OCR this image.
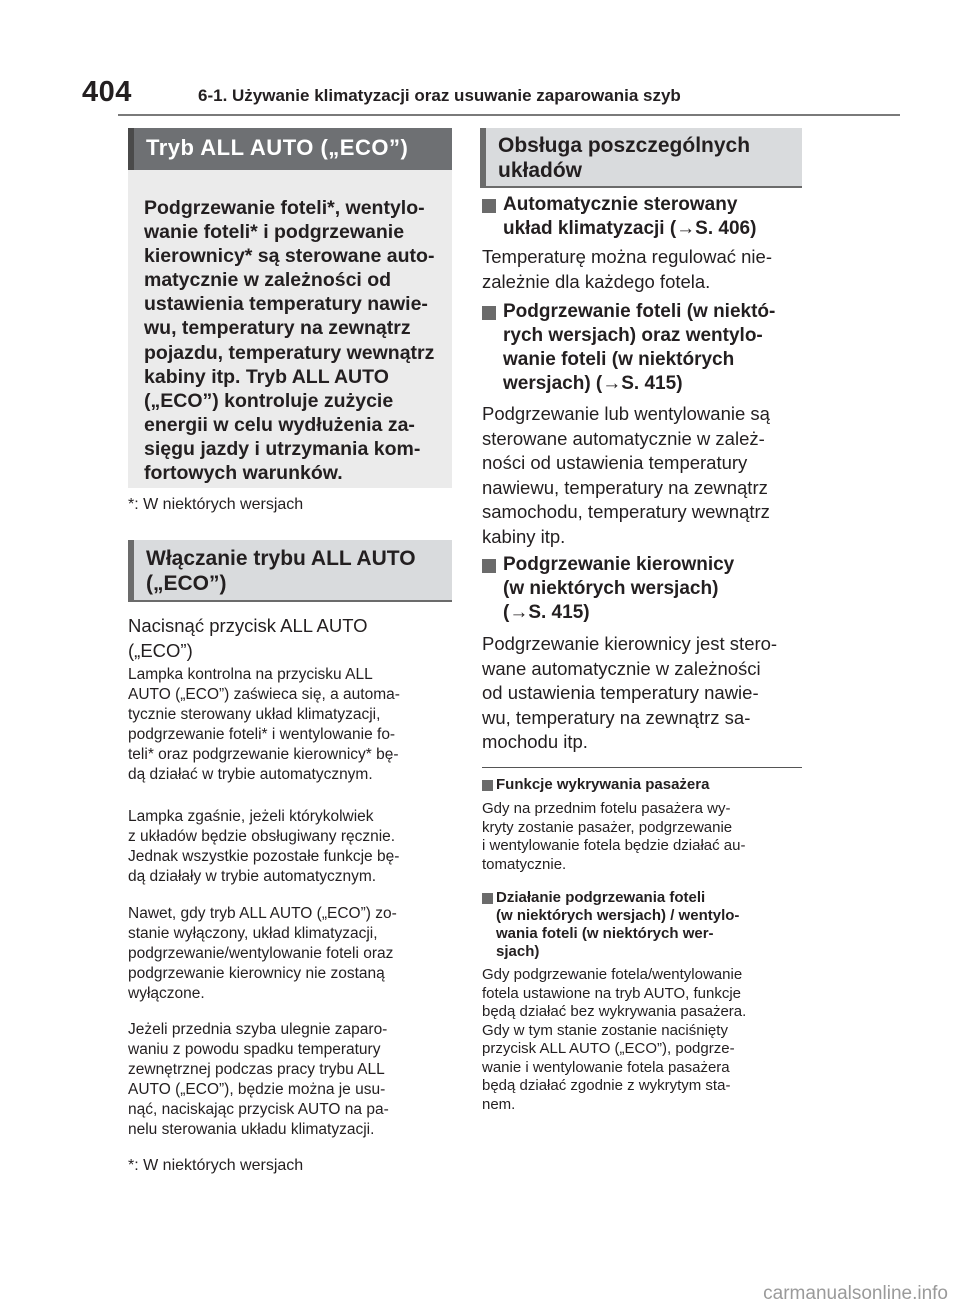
404	6-1. Używanie klimatyzacji oraz usuwanie zaparowania szyb
Tryb ALL AUTO („ECO”)
Podgrzewanie foteli*, wentylo-
wanie foteli* i podgrzewanie
kierownicy* są sterowane auto-
matycznie w zależności od
ustawienia temperatury nawie-
wu, temperatury na zewnątrz
pojazdu, temperatury wewnątrz
kabiny itp. Tryb ALL AUTO
(„ECO”) kontroluje zużycie
energii w celu wydłużenia za-
sięgu jazdy i utrzymania kom-
fortowych warunków.
*: W niektórych wersjach
Włączanie trybu ALL AUTO
(„ECO”)
Nacisnąć przycisk ALL AUTO
(„ECO”)
Lampka kontrolna na przycisku ALL
AUTO („ECO”) zaświeca się, a automa-
tycznie sterowany układ klimatyzacji,
podgrzewanie foteli* i wentylowanie fo-
teli* oraz podgrzewanie kierownicy* bę-
dą działać w trybie automatycznym.
Lampka zgaśnie, jeżeli którykolwiek
z układów będzie obsługiwany ręcznie.
Jednak wszystkie pozostałe funkcje bę-
dą działały w trybie automatycznym.
Nawet, gdy tryb ALL AUTO („ECO”) zo-
stanie wyłączony, układ klimatyzacji,
podgrzewanie/wentylowanie foteli oraz
podgrzewanie kierownicy nie zostaną
wyłączone.
Jeżeli przednia szyba ulegnie zaparo-
waniu z powodu spadku temperatury
zewnętrznej podczas pracy trybu ALL
AUTO („ECO”), będzie można je usu-
nąć, naciskając przycisk AUTO na pa-
nelu sterowania układu klimatyzacji.
*: W niektórych wersjach
Obsługa poszczególnych
układów
Automatycznie sterowany
układ klimatyzacji (→S. 406)
Temperaturę można regulować nie-
zależnie dla każdego fotela.
Podgrzewanie foteli (w niektó-
rych wersjach) oraz wentylo-
wanie foteli (w niektórych
wersjach) (→S. 415)
Podgrzewanie lub wentylowanie są
sterowane automatycznie w zależ-
ności od ustawienia temperatury
nawiewu, temperatury na zewnątrz
samochodu, temperatury wewnątrz
kabiny itp.
Podgrzewanie kierownicy
(w niektórych wersjach)
(→S. 415)
Podgrzewanie kierownicy jest stero-
wane automatycznie w zależności
od ustawienia temperatury nawie-
wu, temperatury na zewnątrz sa-
mochodu itp.
Funkcje wykrywania pasażera
Gdy na przednim fotelu pasażera wy-
kryty zostanie pasażer, podgrzewanie
i wentylowanie fotela będzie działać au-
tomatycznie.
Działanie podgrzewania foteli
(w niektórych wersjach) / wentylo-
wania foteli (w niektórych wer-
sjach)
Gdy podgrzewanie fotela/wentylowanie
fotela ustawione na tryb AUTO, funkcje
będą działać bez wykrywania pasażera.
Gdy w tym stanie zostanie naciśnięty
przycisk ALL AUTO („ECO”), podgrze-
wanie i wentylowanie fotela pasażera
będą działać zgodnie z wykrytym sta-
nem.
carmanualsonline.info
